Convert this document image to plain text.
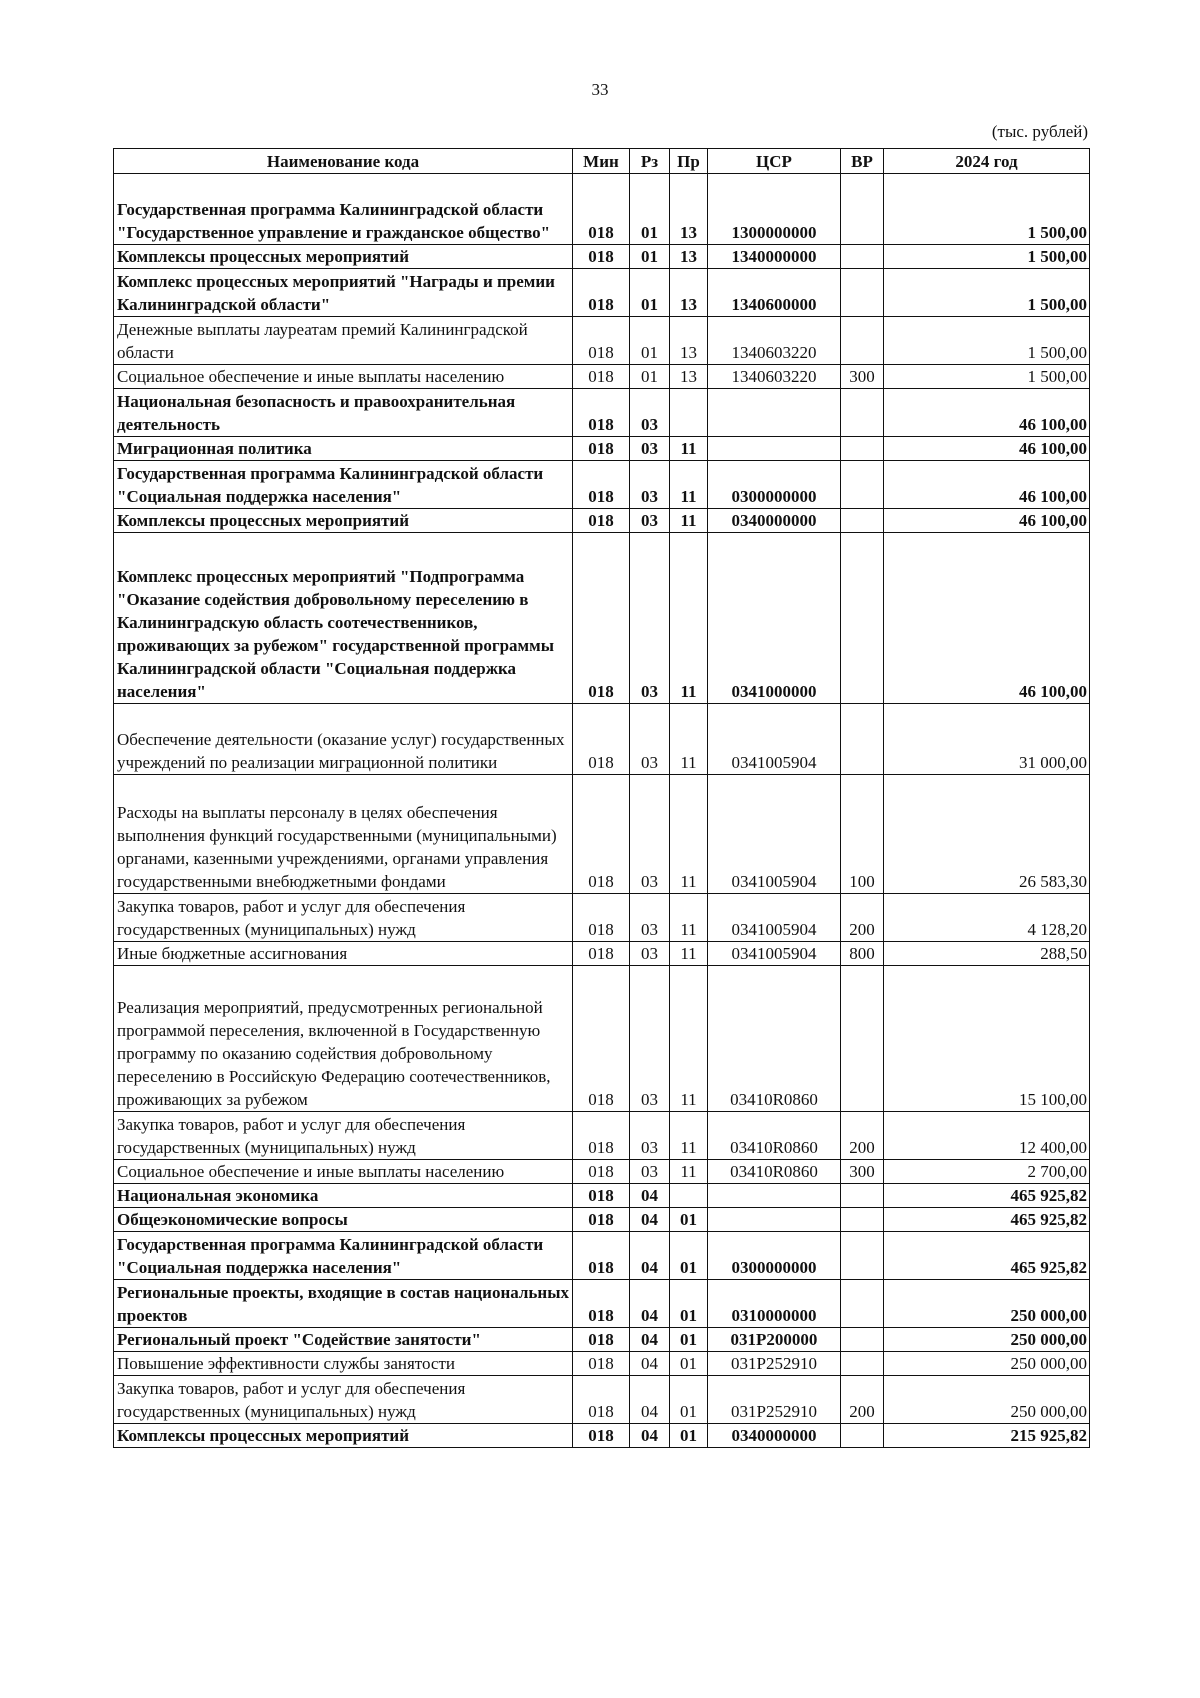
33
(тыс. рублей)
Наименование кода	Мин	Рз	Пр	ЦСР	ВР	2024 год
Государственная программа Калининградской области "Государственное управление и гражданское общество"	018	01	13	1300000000		1 500,00
Комплексы процессных мероприятий	018	01	13	1340000000		1 500,00
Комплекс процессных мероприятий "Награды и премии Калининградской области"	018	01	13	1340600000		1 500,00
Денежные выплаты лауреатам премий Калининградской области	018	01	13	1340603220		1 500,00
Социальное обеспечение и иные выплаты населению	018	01	13	1340603220	300	1 500,00
Национальная безопасность и правоохранительная деятельность	018	03				46 100,00
Миграционная политика	018	03	11			46 100,00
Государственная программа Калининградской области "Социальная поддержка населения"	018	03	11	0300000000		46 100,00
Комплексы процессных мероприятий	018	03	11	0340000000		46 100,00
Комплекс процессных мероприятий "Подпрограмма "Оказание содействия добровольному переселению в Калининградскую область соотечественников, проживающих за рубежом" государственной программы Калининградской области "Социальная поддержка населения"	018	03	11	0341000000		46 100,00
Обеспечение деятельности (оказание услуг) государственных учреждений по реализации миграционной политики	018	03	11	0341005904		31 000,00
Расходы на выплаты персоналу в целях обеспечения выполнения функций государственными (муниципальными) органами, казенными учреждениями, органами управления государственными внебюджетными фондами	018	03	11	0341005904	100	26 583,30
Закупка товаров, работ и услуг для обеспечения государственных (муниципальных) нужд	018	03	11	0341005904	200	4 128,20
Иные бюджетные ассигнования	018	03	11	0341005904	800	288,50
Реализация мероприятий, предусмотренных региональной программой переселения, включенной в Государственную программу по оказанию содействия добровольному переселению в Российскую Федерацию соотечественников, проживающих за рубежом	018	03	11	03410R0860		15 100,00
Закупка товаров, работ и услуг для обеспечения государственных (муниципальных) нужд	018	03	11	03410R0860	200	12 400,00
Социальное обеспечение и иные выплаты населению	018	03	11	03410R0860	300	2 700,00
Национальная экономика	018	04				465 925,82
Общеэкономические вопросы	018	04	01			465 925,82
Государственная программа Калининградской области "Социальная поддержка населения"	018	04	01	0300000000		465 925,82
Региональные проекты, входящие в состав национальных проектов	018	04	01	0310000000		250 000,00
Региональный проект "Содействие занятости"	018	04	01	031P200000		250 000,00
Повышение эффективности службы занятости	018	04	01	031P252910		250 000,00
Закупка товаров, работ и услуг для обеспечения государственных (муниципальных) нужд	018	04	01	031P252910	200	250 000,00
Комплексы процессных мероприятий	018	04	01	0340000000		215 925,82
